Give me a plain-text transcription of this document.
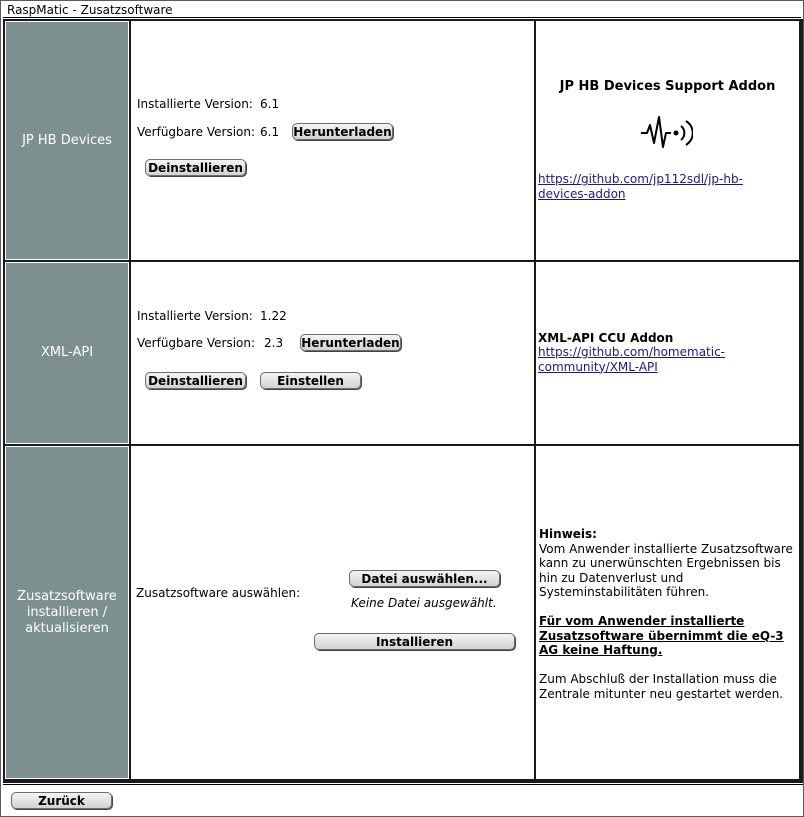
RaspMatic - Zusatzsoftware
JP HB Devices
Installierte Version: 6.1
Verfügbare Version: 6.1 Herunterladen
Deinstallieren
JP HB Devices Support Addon
https://github.com/jp112sdl/jp-hb-
devices-addon
XML-API
Installierte Version: 1.22
Verfügbare Version: 2.3 Herunterladen
Deinstallieren	Einstellen
XML-API CCU Addon
https://github.com/homematic-
community/XML-API
Zusatzsoftware
installieren /
aktualisieren
Zusatzsoftware auswählen:
Datei auswählen...
Keine Datei ausgewählt.
Installieren
Hinweis:
Vom Anwender installierte Zusatzsoftware
kann zu unerwünschten Ergebnissen bis
hin zu Datenverlust und
Systeminstabilitäten führen.

Für vom Anwender installierte
Zusatzsoftware übernimmt die eQ-3
AG keine Haftung.

Zum Abschluß der Installation muss die
Zentrale mitunter neu gestartet werden.
Zurück
